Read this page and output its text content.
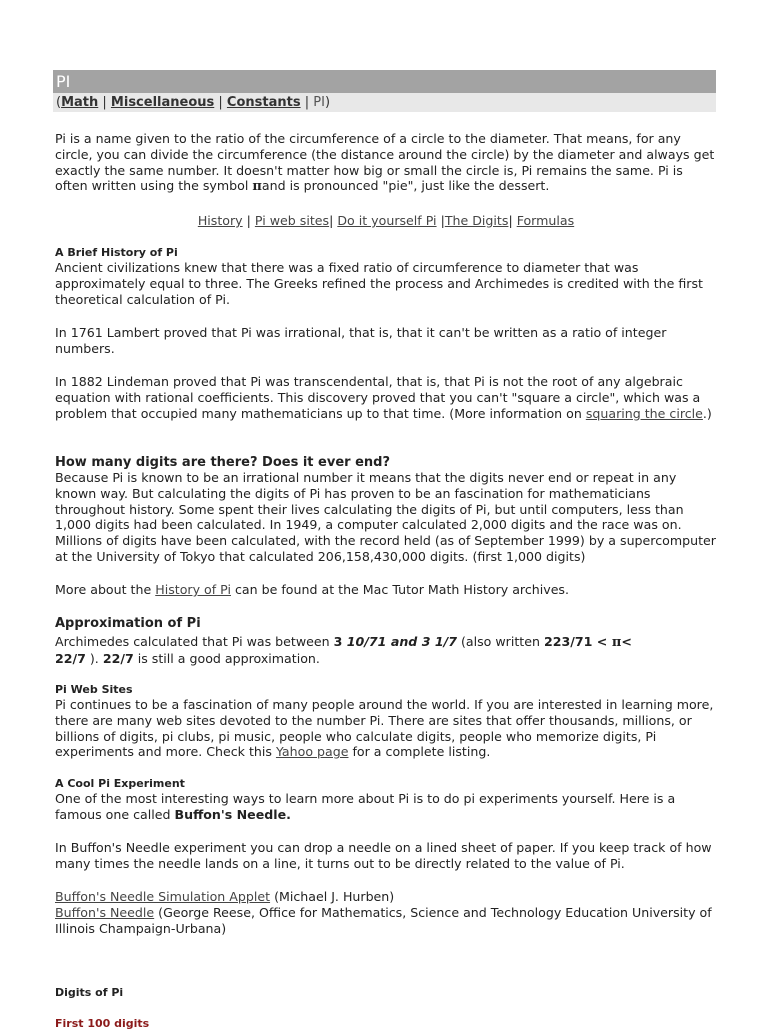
PI
(Math | Miscellaneous | Constants | PI)

Pi is a name given to the ratio of the circumference of a circle to the diameter. That means, for any circle, you can divide the circumference (the distance around the circle) by the diameter and always get exactly the same number. It doesn't matter how big or small the circle is, Pi remains the same. Pi is often written using the symbol πand is pronounced "pie", just like the dessert.

History | Pi web sites| Do it yourself Pi |The Digits| Formulas
A Brief History of Pi

Ancient civilizations knew that there was a fixed ratio of circumference to diameter that was approximately equal to three. The Greeks refined the process and Archimedes is credited with the first theoretical calculation of Pi.

In 1761 Lambert proved that Pi was irrational, that is, that it can't be written as a ratio of integer numbers.

In 1882 Lindeman proved that Pi was transcendental, that is, that Pi is not the root of any algebraic equation with rational coefficients. This discovery proved that you can't "square a circle", which was a problem that occupied many mathematicians up to that time. (More information on squaring the circle.)

How many digits are there? Does it ever end?

Because Pi is known to be an irrational number it means that the digits never end or repeat in any known way. But calculating the digits of Pi has proven to be an fascination for mathematicians throughout history. Some spent their lives calculating the digits of Pi, but until computers, less than 1,000 digits had been calculated. In 1949, a computer calculated 2,000 digits and the race was on. Millions of digits have been calculated, with the record held (as of September 1999) by a supercomputer at the University of Tokyo that calculated 206,158,430,000 digits. (first 1,000 digits)

More about the History of Pi can be found at the Mac Tutor Math History archives.

Approximation of Pi

Archimedes calculated that Pi was between 3 10/71 and 3 1/7 (also written 223/71 < π<
22/7 ). 22/7 is still a good approximation.

Pi Web Sites

Pi continues to be a fascination of many people around the world. If you are interested in learning more, there are many web sites devoted to the number Pi. There are sites that offer thousands, millions, or billions of digits, pi clubs, pi music, people who calculate digits, people who memorize digits, Pi experiments and more. Check this Yahoo page for a complete listing.

A Cool Pi Experiment

One of the most interesting ways to learn more about Pi is to do pi experiments yourself. Here is a famous one called Buffon's Needle.

In Buffon's Needle experiment you can drop a needle on a lined sheet of paper. If you keep track of how many times the needle lands on a line, it turns out to be directly related to the value of Pi.

Buffon's Needle Simulation Applet (Michael J. Hurben)
Buffon's Needle (George Reese, Office for Mathematics, Science and Technology Education University of Illinois Champaign-Urbana)

Digits of Pi
First 100 digits
